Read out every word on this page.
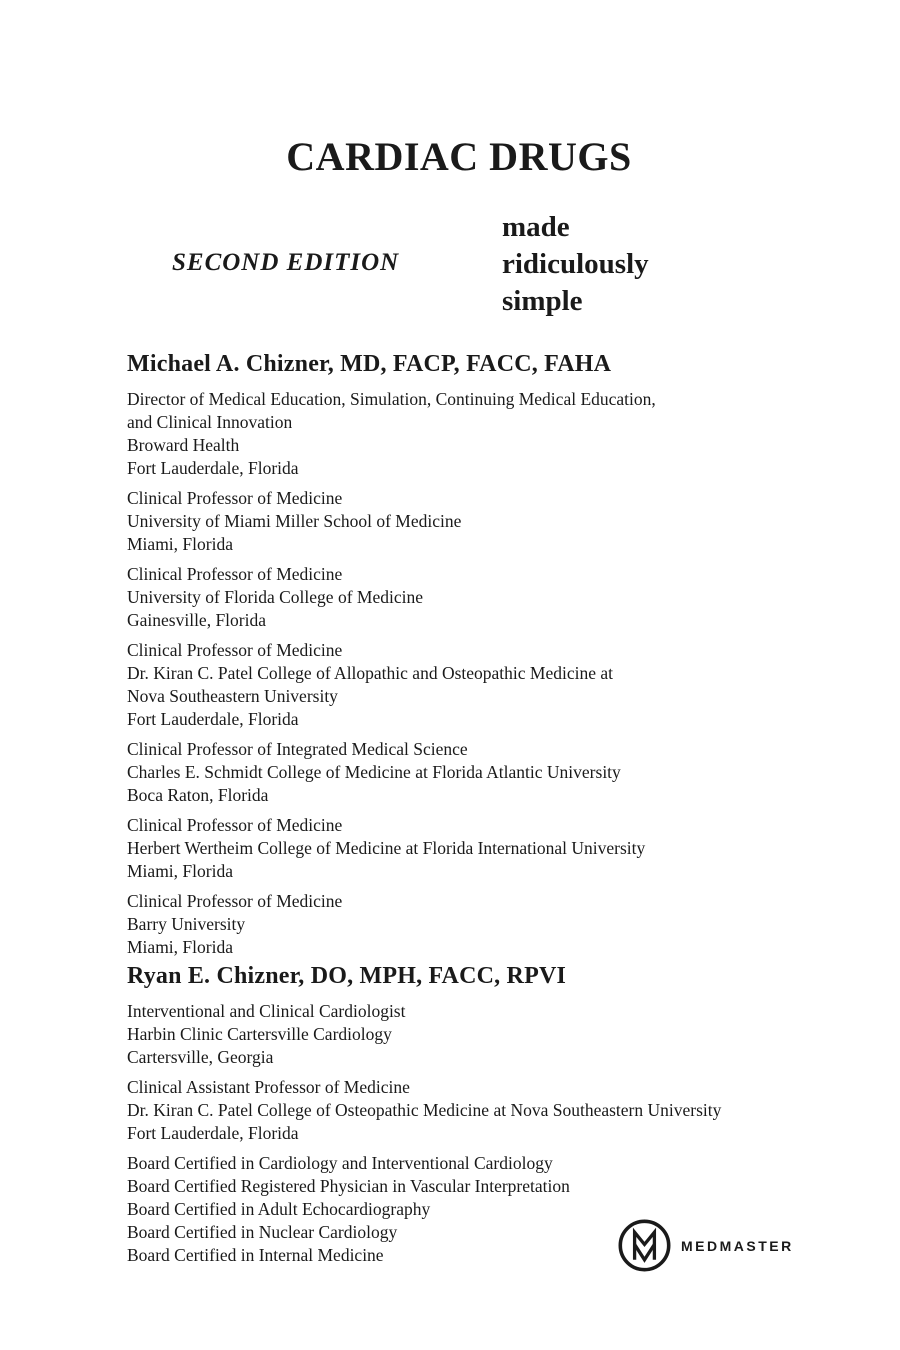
CARDIAC DRUGS
made
ridiculously
simple
SECOND EDITION
Michael A. Chizner, MD, FACP, FACC, FAHA
Director of Medical Education, Simulation, Continuing Medical Education,
and Clinical Innovation
Broward Health
Fort Lauderdale, Florida
Clinical Professor of Medicine
University of Miami Miller School of Medicine
Miami, Florida
Clinical Professor of Medicine
University of Florida College of Medicine
Gainesville, Florida
Clinical Professor of Medicine
Dr. Kiran C. Patel College of Allopathic and Osteopathic Medicine at
Nova Southeastern University
Fort Lauderdale, Florida
Clinical Professor of Integrated Medical Science
Charles E. Schmidt College of Medicine at Florida Atlantic University
Boca Raton, Florida
Clinical Professor of Medicine
Herbert Wertheim College of Medicine at Florida International University
Miami, Florida
Clinical Professor of Medicine
Barry University
Miami, Florida
Ryan E. Chizner, DO, MPH, FACC, RPVI
Interventional and Clinical Cardiologist
Harbin Clinic Cartersville Cardiology
Cartersville, Georgia
Clinical Assistant Professor of Medicine
Dr. Kiran C. Patel College of Osteopathic Medicine at Nova Southeastern University
Fort Lauderdale, Florida
Board Certified in Cardiology and Interventional Cardiology
Board Certified Registered Physician in Vascular Interpretation
Board Certified in Adult Echocardiography
Board Certified in Nuclear Cardiology
Board Certified in Internal Medicine	MEDMASTER
